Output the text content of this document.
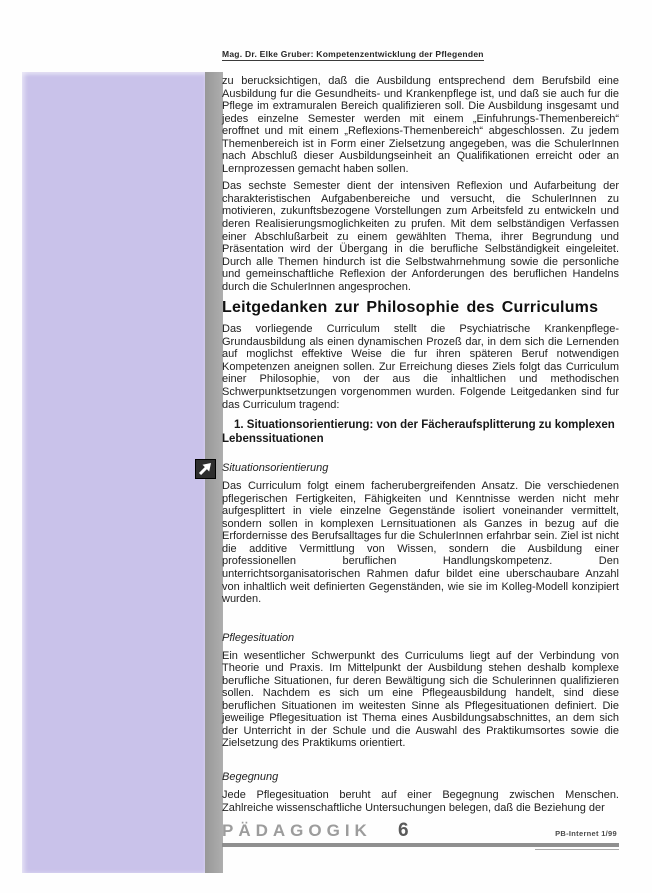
Mag. Dr. Elke Gruber: Kompetenzentwicklung der Pflegenden

zu berucksichtigen, daß die Ausbildung entsprechend dem Berufsbild eine Ausbildung fur die Gesundheits- und Krankenpflege ist, und daß sie auch fur die Pflege im extramuralen Bereich qualifizieren soll. Die Ausbildung insgesamt und jedes einzelne Semester werden mit einem „Einfuhrungs-Themenbereich“ eroffnet und mit einem „Reflexions-Themenbereich“ abgeschlossen. Zu jedem Themenbereich ist in Form einer Zielsetzung angegeben, was die SchulerInnen nach Abschluß dieser Ausbildungseinheit an Qualifikationen erreicht oder an Lernprozessen gemacht haben sollen.

Das sechste Semester dient der intensiven Reflexion und Aufarbeitung der charakteristischen Aufgabenbereiche und versucht, die SchulerInnen zu motivieren, zukunftsbezogene Vorstellungen zum Arbeitsfeld zu entwickeln und deren Realisierungsmoglichkeiten zu prufen. Mit dem selbständigen Verfassen einer Abschlußarbeit zu einem gewählten Thema, ihrer Begrundung und Präsentation wird der Übergang in die berufliche Selbständigkeit eingeleitet. Durch alle Themen hindurch ist die Selbstwahrnehmung sowie die personliche und gemeinschaftliche Reflexion der Anforderungen des beruflichen Handelns durch die SchulerInnen angesprochen.

Leitgedanken zur Philosophie des Curriculums

Das vorliegende Curriculum stellt die Psychiatrische Krankenpflege-Grundausbildung als einen dynamischen Prozeß dar, in dem sich die Lernenden auf moglichst effektive Weise die fur ihren späteren Beruf notwendigen Kompetenzen aneignen sollen. Zur Erreichung dieses Ziels folgt das Curriculum einer Philosophie, von der aus die inhaltlichen und methodischen Schwerpunktsetzungen vorgenommen wurden. Folgende Leitgedanken sind fur das Curriculum tragend:

1. Situationsorientierung: von der Fächeraufsplitterung zu komplexen Lebenssituationen
Situationsorientierung

Das Curriculum folgt einem facherubergreifenden Ansatz. Die verschiedenen pflegerischen Fertigkeiten, Fähigkeiten und Kenntnisse werden nicht mehr aufgesplittert in viele einzelne Gegenstände isoliert voneinander vermittelt, sondern sollen in komplexen Lernsituationen als Ganzes in bezug auf die Erfordernisse des Berufsalltages fur die SchulerInnen erfahrbar sein. Ziel ist nicht die additive Vermittlung von Wissen, sondern die Ausbildung einer professionellen beruflichen Handlungskompetenz. Den unterrichtsorganisatorischen Rahmen dafur bildet eine uberschaubare Anzahl von inhaltlich weit definierten Gegenständen, wie sie im Kolleg-Modell konzipiert wurden.

Pflegesituation

Ein wesentlicher Schwerpunkt des Curriculums liegt auf der Verbindung von Theorie und Praxis. Im Mittelpunkt der Ausbildung stehen deshalb komplexe berufliche Situationen, fur deren Bewältigung sich die Schulerinnen qualifizieren sollen. Nachdem es sich um eine Pflegeausbildung handelt, sind diese beruflichen Situationen im weitesten Sinne als Pflegesituationen definiert. Die jeweilige Pflegesituation ist Thema eines Ausbildungsabschnittes, an dem sich der Unterricht in der Schule und die Auswahl des Praktikumsortes sowie die Zielsetzung des Praktikums orientiert.

Begegnung

Jede Pflegesituation beruht auf einer Begegnung zwischen Menschen. Zahlreiche wissenschaftliche Untersuchungen belegen, daß die Beziehung der

PÄDAGOGIK 6	PB-Internet 1/99
